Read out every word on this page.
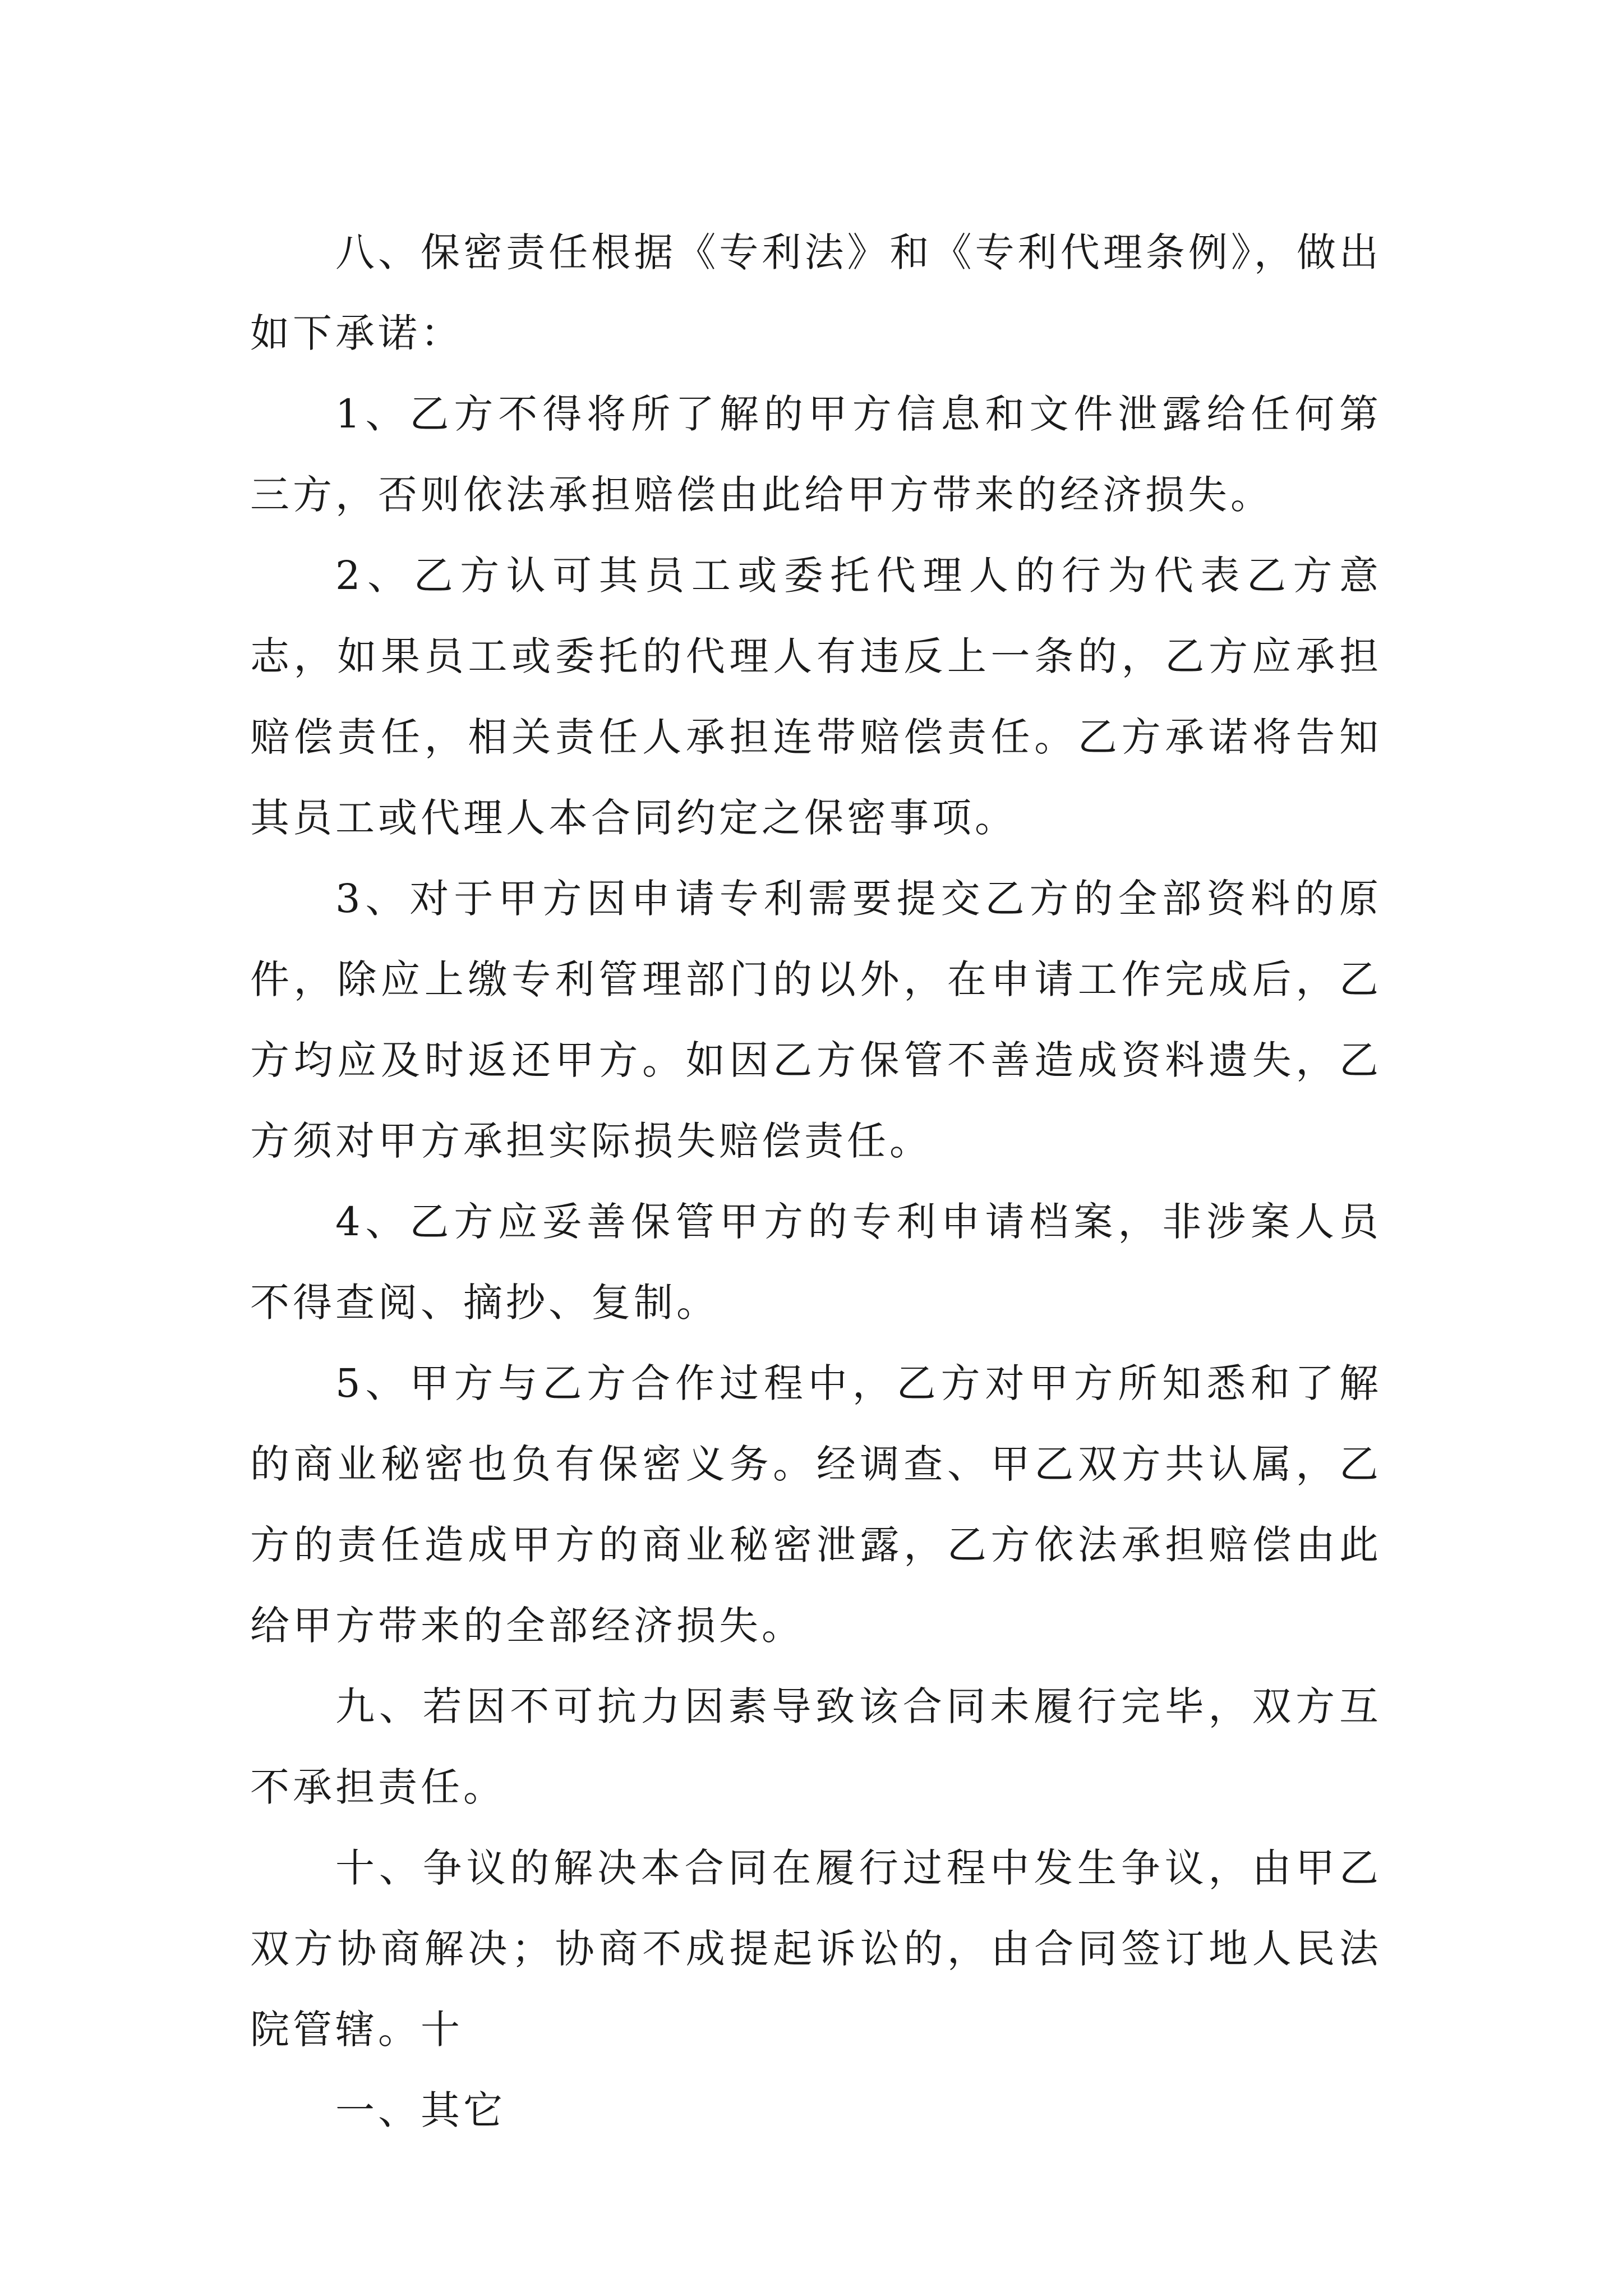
八、保密责任根据《专利法》和《专利代理条例》，做出如下承诺：

1、乙方不得将所了解的甲方信息和文件泄露给任何第三方，否则依法承担赔偿由此给甲方带来的经济损失。

2、乙方认可其员工或委托代理人的行为代表乙方意志，如果员工或委托的代理人有违反上一条的，乙方应承担赔偿责任，相关责任人承担连带赔偿责任。乙方承诺将告知其员工或代理人本合同约定之保密事项。

3、对于甲方因申请专利需要提交乙方的全部资料的原件，除应上缴专利管理部门的以外，在申请工作完成后，乙方均应及时返还甲方。如因乙方保管不善造成资料遗失，乙方须对甲方承担实际损失赔偿责任。

4、乙方应妥善保管甲方的专利申请档案，非涉案人员不得查阅、摘抄、复制。

5、甲方与乙方合作过程中，乙方对甲方所知悉和了解的商业秘密也负有保密义务。经调查、甲乙双方共认属，乙方的责任造成甲方的商业秘密泄露，乙方依法承担赔偿由此给甲方带来的全部经济损失。

九、若因不可抗力因素导致该合同未履行完毕，双方互不承担责任。

十、争议的解决本合同在履行过程中发生争议，由甲乙双方协商解决；协商不成提起诉讼的，由合同签订地人民法院管辖。十

一、其它
